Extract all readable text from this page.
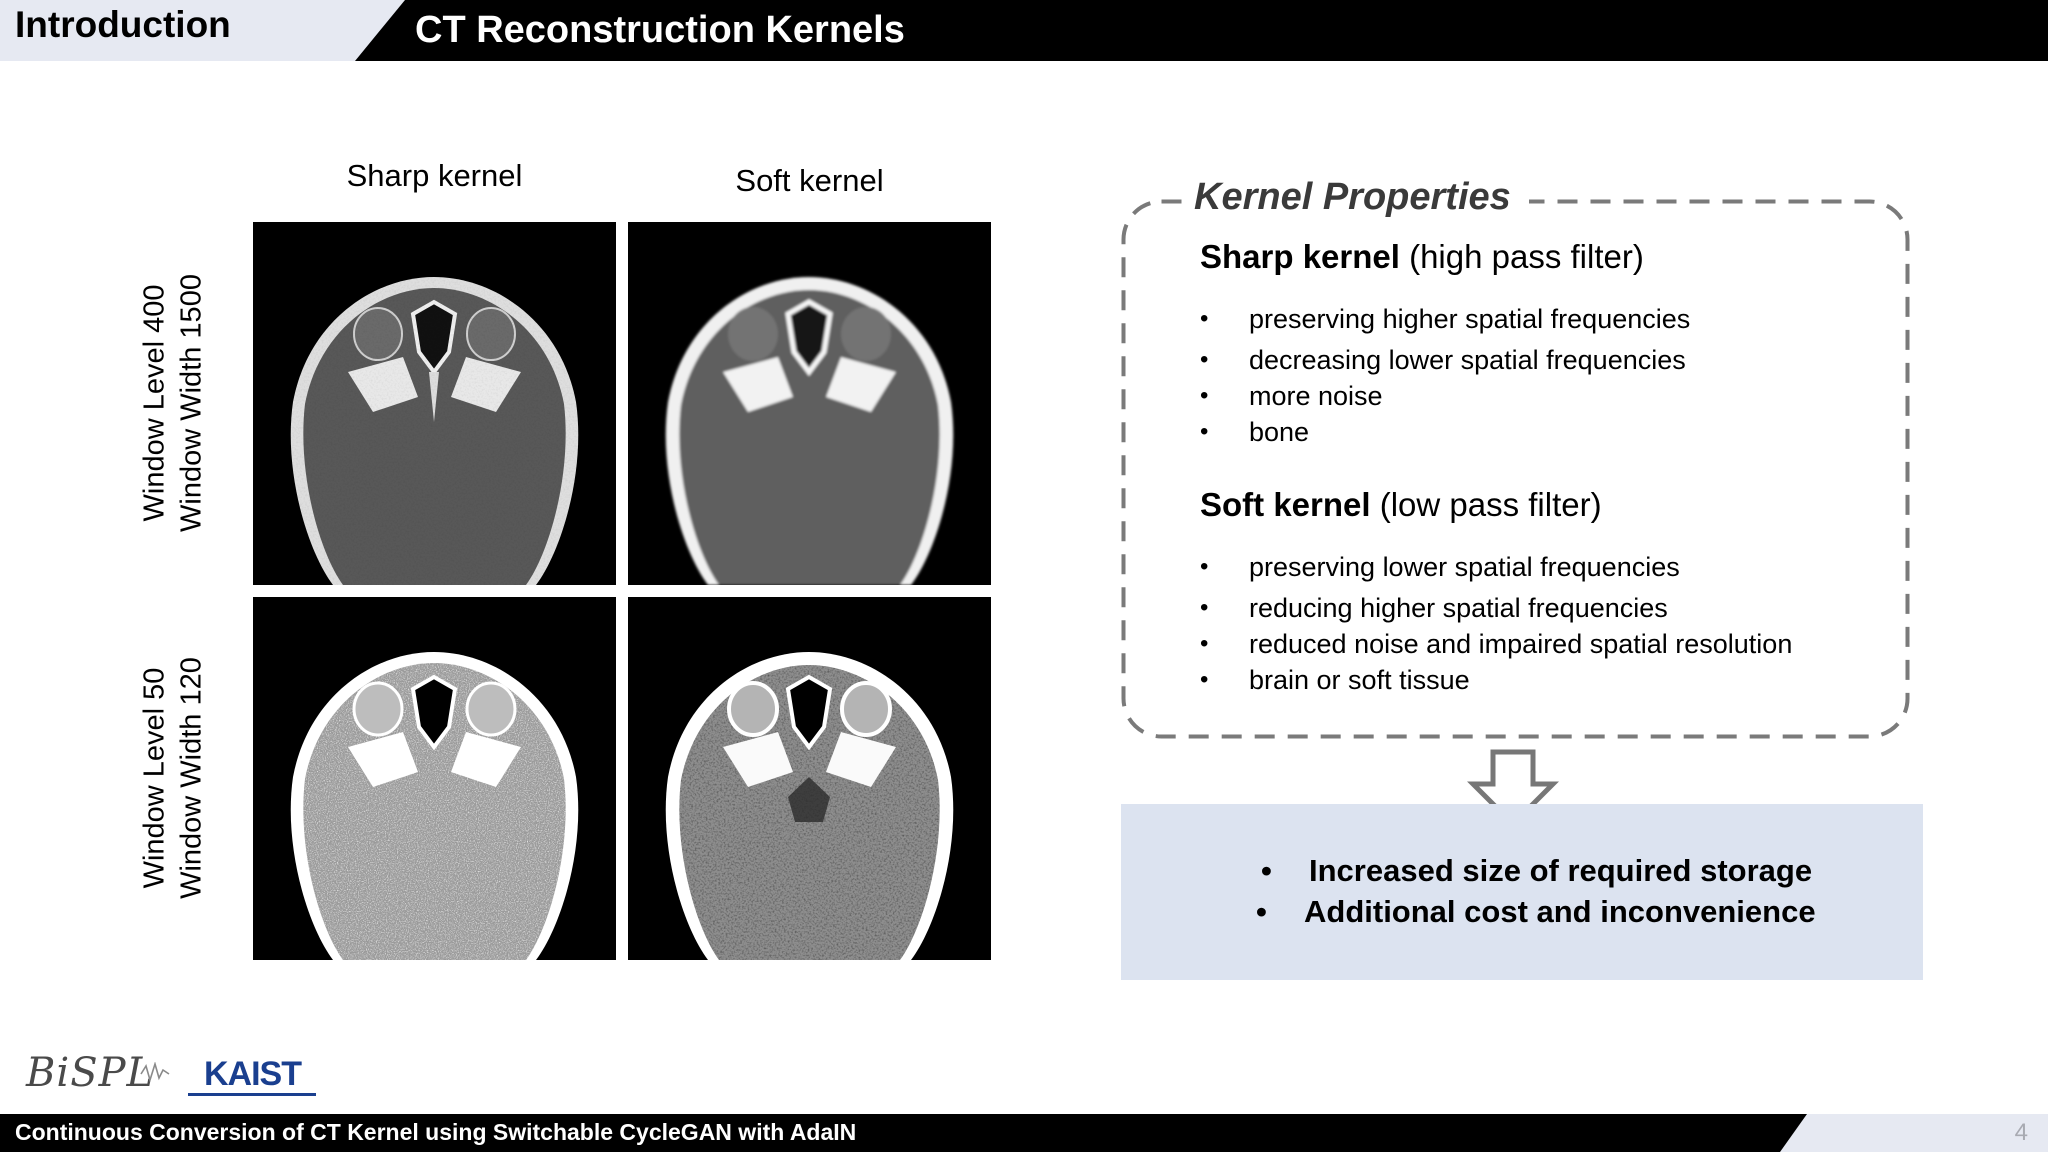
Introduction	CT Reconstruction Kernels
Sharp kernel	Soft kernel
Window Level 400 Window Width 1500
Window Level 50 Window Width 120
Kernel Properties
Sharp kernel (high pass filter)
• preserving higher spatial frequencies
• decreasing lower spatial frequencies
• more noise
• bone
Soft kernel (low pass filter)
• preserving lower spatial frequencies
• reducing higher spatial frequencies
• reduced noise and impaired spatial resolution
• brain or soft tissue
• Increased size of required storage
• Additional cost and inconvenience
BiSPL KAIST
Continuous Conversion of CT Kernel using Switchable CycleGAN with AdaIN	4
